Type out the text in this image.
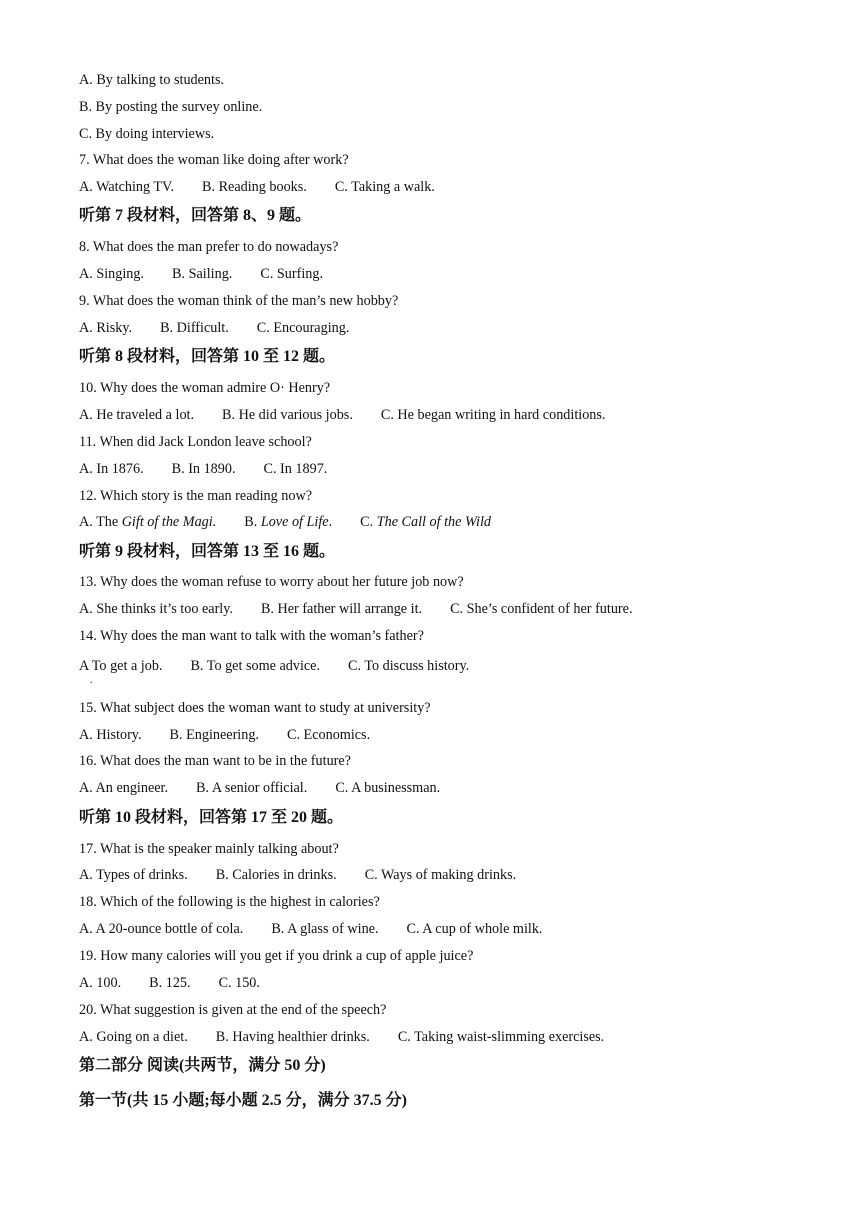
A. By talking to students.
B. By posting the survey online.
C. By doing interviews.
7. What does the woman like doing after work?
A. Watching TV. B. Reading books. C. Taking a walk.
听第 7 段材料，回答第 8、9 题。
8. What does the man prefer to do nowadays?
A. Singing. B. Sailing. C. Surfing.
9. What does the woman think of the man’s new hobby?
A. Risky. B. Difficult. C. Encouraging.
听第 8 段材料，回答第 10 至 12 题。
10. Why does the woman admire O· Henry?
A. He traveled a lot. B. He did various jobs. C. He began writing in hard conditions.
11. When did Jack London leave school?
A. In 1876. B. In 1890. C. In 1897.
12. Which story is the man reading now?
A. The Gift of the Magi. B. Love of Life. C. The Call of the Wild
听第 9 段材料，回答第 13 至 16 题。
13. Why does the woman refuse to worry about her future job now?
A. She thinks it’s too early. B. Her father will arrange it. C. She’s confident of her future.
14. Why does the man want to talk with the woman’s father?
A To get a job. B. To get some advice. C. To discuss history.
.
15. What subject does the woman want to study at university?
A. History. B. Engineering. C. Economics.
16. What does the man want to be in the future?
A. An engineer. B. A senior official. C. A businessman.
听第 10 段材料，回答第 17 至 20 题。
17. What is the speaker mainly talking about?
A. Types of drinks. B. Calories in drinks. C. Ways of making drinks.
18. Which of the following is the highest in calories?
A. A 20-ounce bottle of cola. B. A glass of wine. C. A cup of whole milk.
19. How many calories will you get if you drink a cup of apple juice?
A. 100. B. 125. C. 150.
20. What suggestion is given at the end of the speech?
A. Going on a diet. B. Having healthier drinks. C. Taking waist-slimming exercises.
第二部分 阅读(共两节，满分 50 分)
第一节(共 15 小题;每小题 2.5 分，满分 37.5 分)
